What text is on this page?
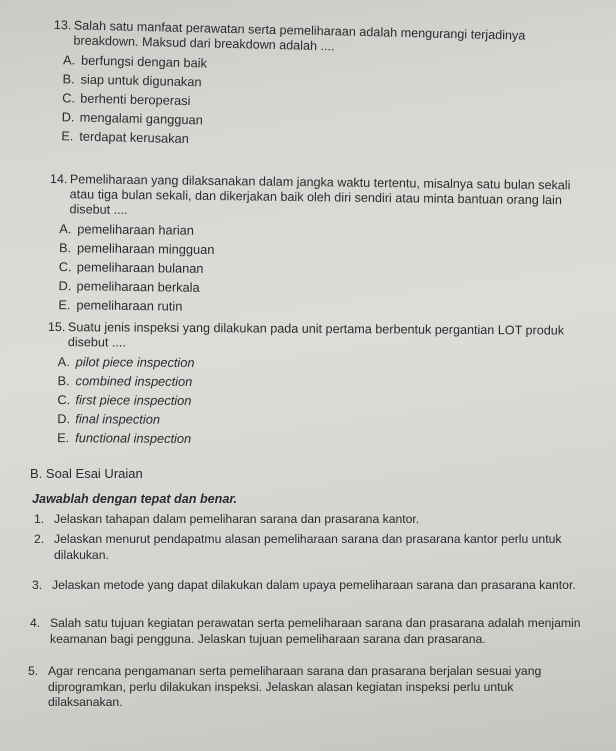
13. Salah satu manfaat perawatan serta pemeliharaan adalah mengurangi terjadinya breakdown. Maksud dari breakdown adalah ....
A. berfungsi dengan baik
B. siap untuk digunakan
C. berhenti beroperasi
D. mengalami gangguan
E. terdapat kerusakan
14. Pemeliharaan yang dilaksanakan dalam jangka waktu tertentu, misalnya satu bulan sekali atau tiga bulan sekali, dan dikerjakan baik oleh diri sendiri atau minta bantuan orang lain disebut ....
A. pemeliharaan harian
B. pemeliharaan mingguan
C. pemeliharaan bulanan
D. pemeliharaan berkala
E. pemeliharaan rutin
15. Suatu jenis inspeksi yang dilakukan pada unit pertama berbentuk pergantian LOT produk disebut ....
A. pilot piece inspection
B. combined inspection
C. first piece inspection
D. final inspection
E. functional inspection
B. Soal Esai Uraian
Jawablah dengan tepat dan benar.
1. Jelaskan tahapan dalam pemeliharan sarana dan prasarana kantor.
2. Jelaskan menurut pendapatmu alasan pemeliharaan sarana dan prasarana kantor perlu untuk dilakukan.
3. Jelaskan metode yang dapat dilakukan dalam upaya pemeliharaan sarana dan prasarana kantor.
4. Salah satu tujuan kegiatan perawatan serta pemeliharaan sarana dan prasarana adalah menjamin keamanan bagi pengguna. Jelaskan tujuan pemeliharaan sarana dan prasarana.
5. Agar rencana pengamanan serta pemeliharaan sarana dan prasarana berjalan sesuai yang diprogramkan, perlu dilakukan inspeksi. Jelaskan alasan kegiatan inspeksi perlu untuk dilaksanakan.
